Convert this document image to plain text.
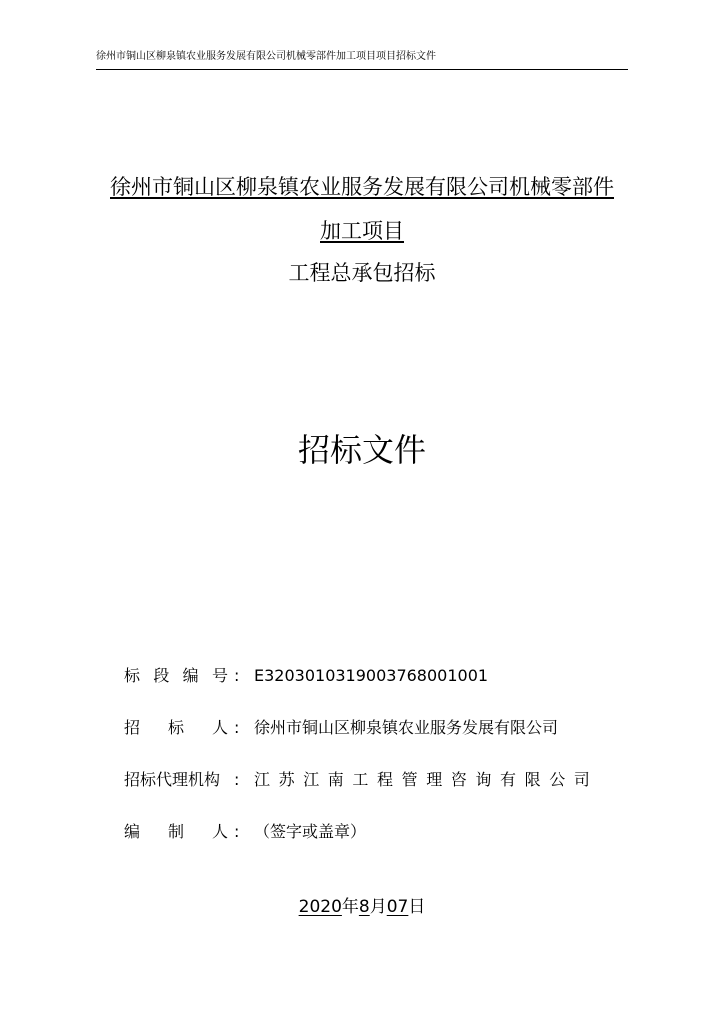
徐州市铜山区柳泉镇农业服务发展有限公司机械零部件加工项目项目招标文件
徐州市铜山区柳泉镇农业服务发展有限公司机械零部件
加工项目
工程总承包招标
招标文件
标 段 编 号 : E3203010319003768001001
招 标 人 : 徐州市铜山区柳泉镇农业服务发展有限公司
招标代理机构 : 江苏江南工程管理咨询有限公司
编 制 人 : （签字或盖章）
2020年8月07日
